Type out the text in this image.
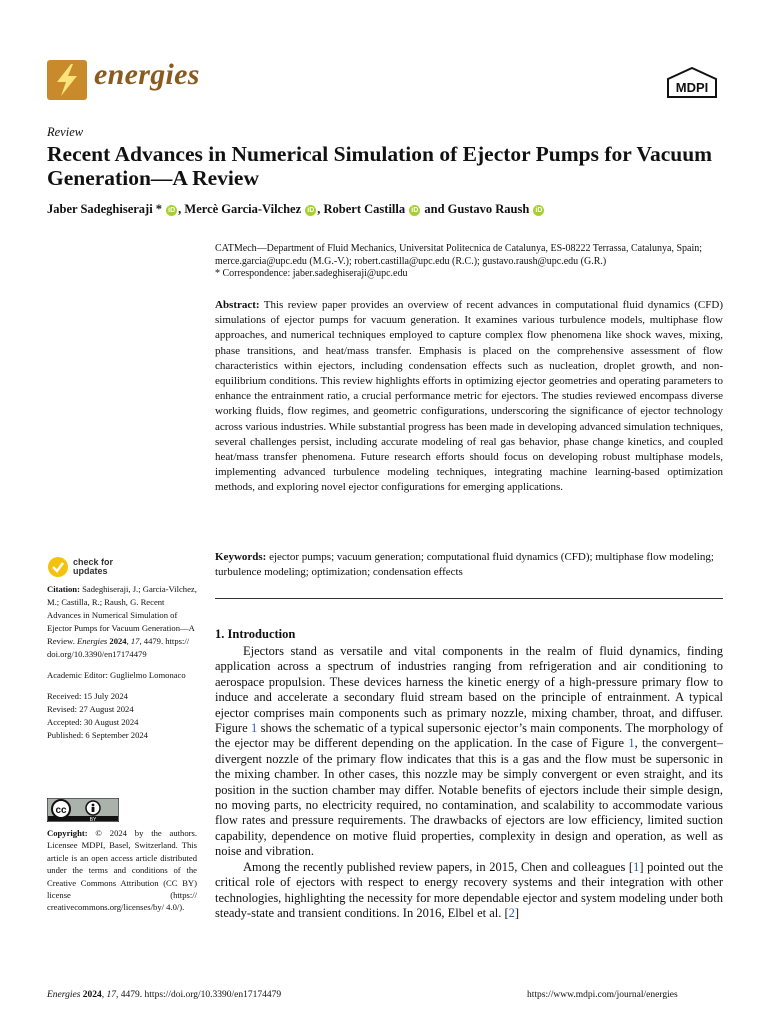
energies	MDPI
Review
Recent Advances in Numerical Simulation of Ejector Pumps for Vacuum Generation—A Review
Jaber Sadeghiseraji * iD , Mercè Garcia-Vilchez iD , Robert Castilla iD and Gustavo Raush iD
CATMech—Department of Fluid Mechanics, Universitat Politecnica de Catalunya, ES-08222 Terrassa, Catalunya, Spain; merce.garcia@upc.edu (M.G.-V.); robert.castilla@upc.edu (R.C.); gustavo.raush@upc.edu (G.R.)
* Correspondence: jaber.sadeghiseraji@upc.edu
Abstract: This review paper provides an overview of recent advances in computational fluid dynamics (CFD) simulations of ejector pumps for vacuum generation. It examines various turbulence models, multiphase flow approaches, and numerical techniques employed to capture complex flow phenomena like shock waves, mixing, phase transitions, and heat/mass transfer. Emphasis is placed on the comprehensive assessment of flow characteristics within ejectors, including condensation effects such as nucleation, droplet growth, and non-equilibrium conditions. This review highlights efforts in optimizing ejector geometries and operating parameters to enhance the entrainment ratio, a crucial performance metric for ejectors. The studies reviewed encompass diverse working fluids, flow regimes, and geometric configurations, underscoring the significance of ejector technology across various industries. While substantial progress has been made in developing advanced simulation techniques, several challenges persist, including accurate modeling of real gas behavior, phase change kinetics, and coupled heat/mass transfer phenomena. Future research efforts should focus on developing robust multiphase models, implementing advanced turbulence modeling techniques, integrating machine learning-based optimization methods, and exploring novel ejector configurations for emerging applications.
Keywords: ejector pumps; vacuum generation; computational fluid dynamics (CFD); multiphase flow modeling; turbulence modeling; optimization; condensation effects
1. Introduction

Ejectors stand as versatile and vital components in the realm of fluid dynamics, finding application across a spectrum of industries ranging from refrigeration and air conditioning to aerospace propulsion. These devices harness the kinetic energy of a high-pressure primary flow to induce and accelerate a secondary fluid stream based on the principle of entrainment. A typical ejector comprises main components such as primary nozzle, mixing chamber, throat, and diffuser. Figure 1 shows the schematic of a typical supersonic ejector’s main components. The morphology of the ejector may be different depending on the application. In the case of Figure 1, the convergent–divergent nozzle of the primary flow indicates that this is a gas and the flow must be supersonic in the mixing chamber. In other cases, this nozzle may be simply convergent or even straight, and its position in the suction chamber may differ. Notable benefits of ejectors include their simple design, no moving parts, no electricity required, no contamination, and scalability to accommodate various flow rates and pressure requirements. The drawbacks of ejectors are low efficiency, limited suction capability, dependence on motive fluid properties, complexity in design and operation, as well as noise and vibration.

Among the recently published review papers, in 2015, Chen and colleagues [1] pointed out the critical role of ejectors with respect to energy recovery systems and their integration with other technologies, highlighting the necessity for more dependable ejector and system modeling under both steady-state and transient conditions. In 2016, Elbel et al. [2]

check for
updates

Citation: Sadeghiseraji, J.; Garcia-Vilchez, M.; Castilla, R.; Raush, G. Recent Advances in Numerical Simulation of Ejector Pumps for Vacuum Generation—A Review. Energies 2024, 17, 4479. https:// doi.org/10.3390/en17174479

Academic Editor: Guglielmo Lomonaco

Received: 15 July 2024
Revised: 27 August 2024
Accepted: 30 August 2024
Published: 6 September 2024

cc
BY
Copyright: © 2024 by the authors. Licensee MDPI, Basel, Switzerland. This article is an open access article distributed under the terms and conditions of the Creative Commons Attribution (CC BY) license (https:// creativecommons.org/licenses/by/ 4.0/).
Energies 2024, 17, 4479. https://doi.org/10.3390/en17174479	https://www.mdpi.com/journal/energies
